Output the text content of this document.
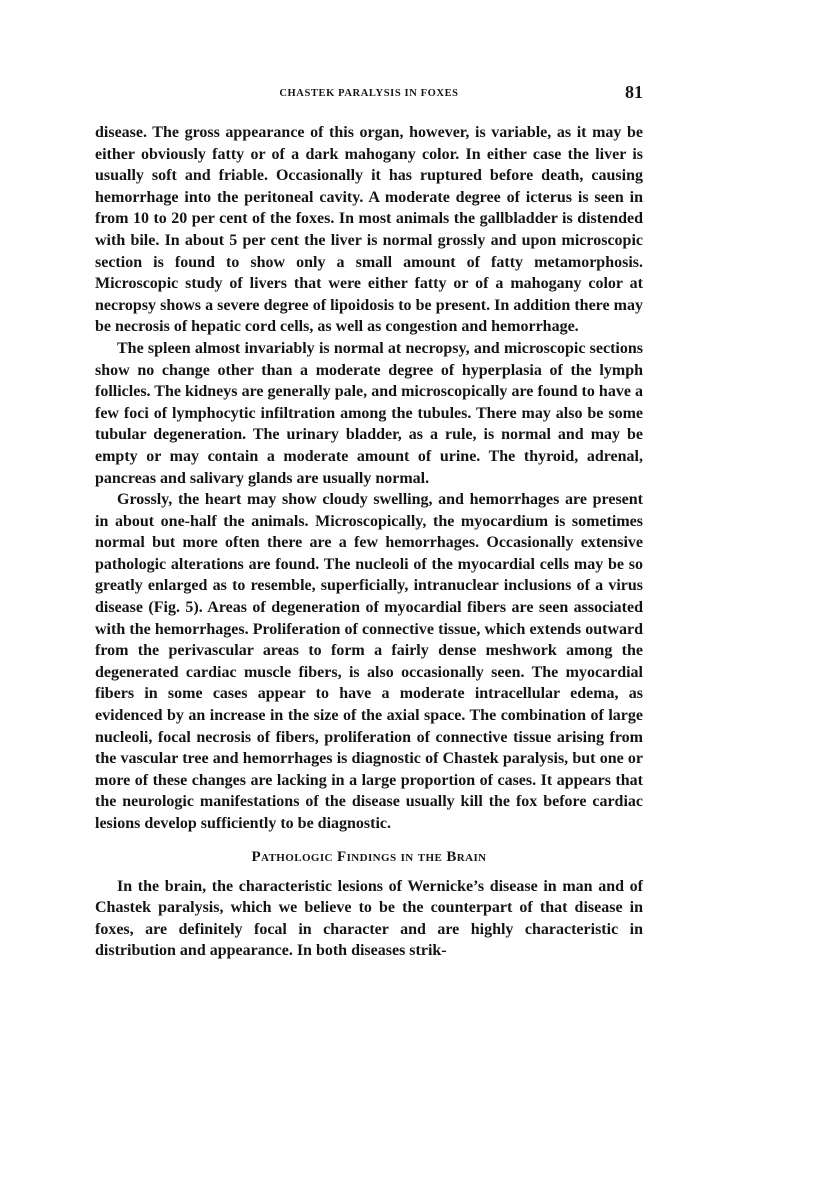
CHASTEK PARALYSIS IN FOXES	81

disease. The gross appearance of this organ, however, is variable, as it may be either obviously fatty or of a dark mahogany color. In either case the liver is usually soft and friable. Occasionally it has ruptured before death, causing hemorrhage into the peritoneal cavity. A moderate degree of icterus is seen in from 10 to 20 per cent of the foxes. In most animals the gallbladder is distended with bile. In about 5 per cent the liver is normal grossly and upon microscopic section is found to show only a small amount of fatty metamorphosis. Microscopic study of livers that were either fatty or of a mahogany color at necropsy shows a severe degree of lipoidosis to be present. In addition there may be necrosis of hepatic cord cells, as well as congestion and hemorrhage.

The spleen almost invariably is normal at necropsy, and microscopic sections show no change other than a moderate degree of hyperplasia of the lymph follicles. The kidneys are generally pale, and microscopically are found to have a few foci of lymphocytic infiltration among the tubules. There may also be some tubular degeneration. The urinary bladder, as a rule, is normal and may be empty or may contain a moderate amount of urine. The thyroid, adrenal, pancreas and salivary glands are usually normal.

Grossly, the heart may show cloudy swelling, and hemorrhages are present in about one-half the animals. Microscopically, the myocardium is sometimes normal but more often there are a few hemorrhages. Occasionally extensive pathologic alterations are found. The nucleoli of the myocardial cells may be so greatly enlarged as to resemble, superficially, intranuclear inclusions of a virus disease (Fig. 5). Areas of degeneration of myocardial fibers are seen associated with the hemorrhages. Proliferation of connective tissue, which extends outward from the perivascular areas to form a fairly dense meshwork among the degenerated cardiac muscle fibers, is also occasionally seen. The myocardial fibers in some cases appear to have a moderate intracellular edema, as evidenced by an increase in the size of the axial space. The combination of large nucleoli, focal necrosis of fibers, proliferation of connective tissue arising from the vascular tree and hemorrhages is diagnostic of Chastek paralysis, but one or more of these changes are lacking in a large proportion of cases. It appears that the neurologic manifestations of the disease usually kill the fox before cardiac lesions develop sufficiently to be diagnostic.

Pathologic Findings in the Brain

In the brain, the characteristic lesions of Wernicke’s disease in man and of Chastek paralysis, which we believe to be the counterpart of that disease in foxes, are definitely focal in character and are highly characteristic in distribution and appearance. In both diseases strik-
